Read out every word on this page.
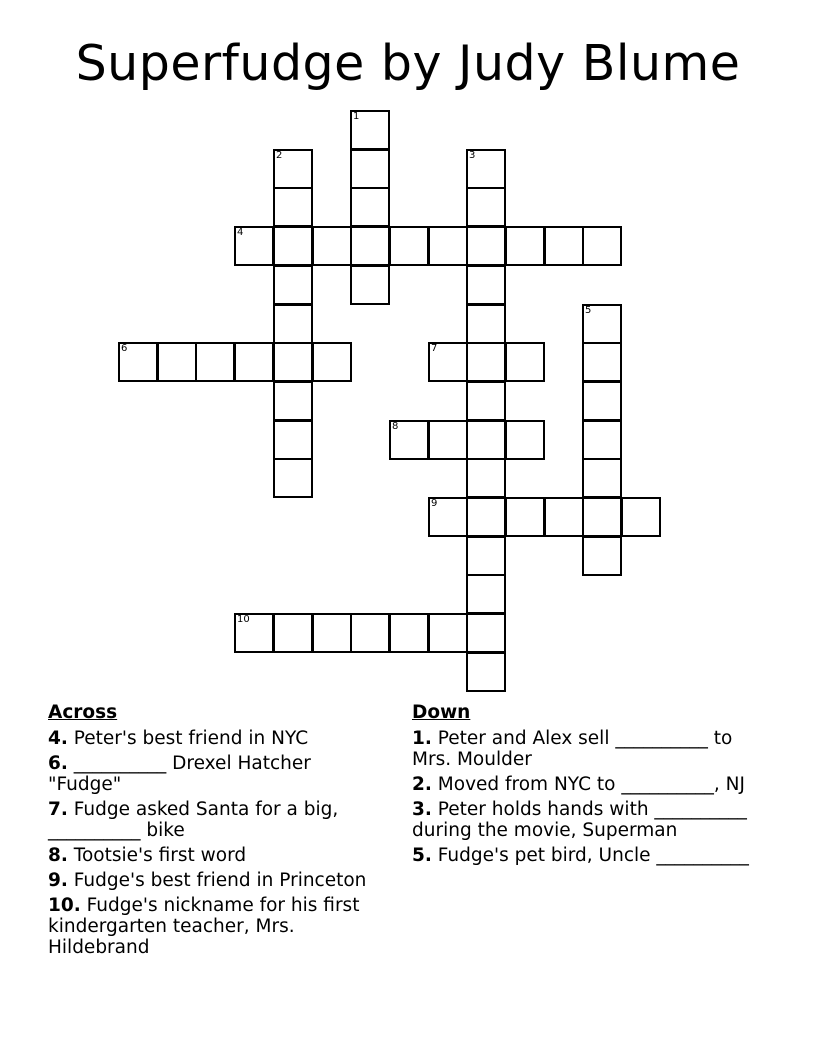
Superfudge by Judy Blume
1
2	3
4
5
6	7
8
9
10
Across
4. Peter's best friend in NYC
6. __________ Drexel Hatcher "Fudge"
7. Fudge asked Santa for a big, __________ bike
8. Tootsie's first word
9. Fudge's best friend in Princeton
10. Fudge's nickname for his first kindergarten teacher, Mrs. Hildebrand
Down
1. Peter and Alex sell __________ to Mrs. Moulder
2. Moved from NYC to __________, NJ
3. Peter holds hands with __________ during the movie, Superman
5. Fudge's pet bird, Uncle __________
